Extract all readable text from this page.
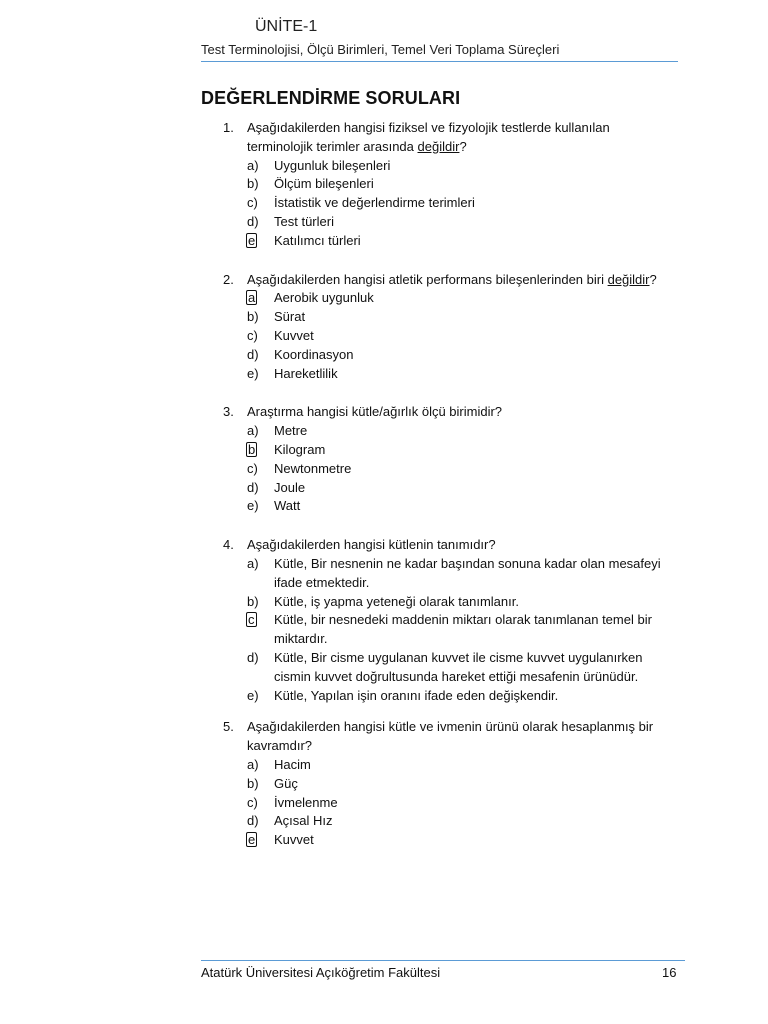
ÜNİTE-1
Test Terminolojisi, Ölçü Birimleri, Temel Veri Toplama Süreçleri
DEĞERLENDİRME SORULARI
1.	Aşağıdakilerden hangisi fiziksel ve fizyolojik testlerde kullanılan terminolojik terimler arasında değildir?
a)	Uygunluk bileşenleri
b)	Ölçüm bileşenleri
c)	İstatistik ve değerlendirme terimleri
d)	Test türleri
e	Katılımcı türleri
2.	Aşağıdakilerden hangisi atletik performans bileşenlerinden biri değildir?
a	Aerobik uygunluk
b)	Sürat
c)	Kuvvet
d)	Koordinasyon
e)	Hareketlilik
3.	Araştırma hangisi kütle/ağırlık ölçü birimidir?
a)	Metre
b	Kilogram
c)	Newtonmetre
d)	Joule
e)	Watt
4.	Aşağıdakilerden hangisi kütlenin tanımıdır?
a)	Kütle, Bir nesnenin ne kadar başından sonuna kadar olan mesafeyi ifade etmektedir.
b)	Kütle, iş yapma yeteneği olarak tanımlanır.
c	Kütle, bir nesnedeki maddenin miktarı olarak tanımlanan temel bir miktardır.
d)	Kütle, Bir cisme uygulanan kuvvet ile cisme kuvvet uygulanırken cismin kuvvet doğrultusunda hareket ettiği mesafenin ürünüdür.
e)	Kütle, Yapılan işin oranını ifade eden değişkendir.
5.	Aşağıdakilerden hangisi kütle ve ivmenin ürünü olarak hesaplanmış bir kavramdır?
a)	Hacim
b)	Güç
c)	İvmelenme
d)	Açısal Hız
e	Kuvvet
Atatürk Üniversitesi Açıköğretim Fakültesi	16
